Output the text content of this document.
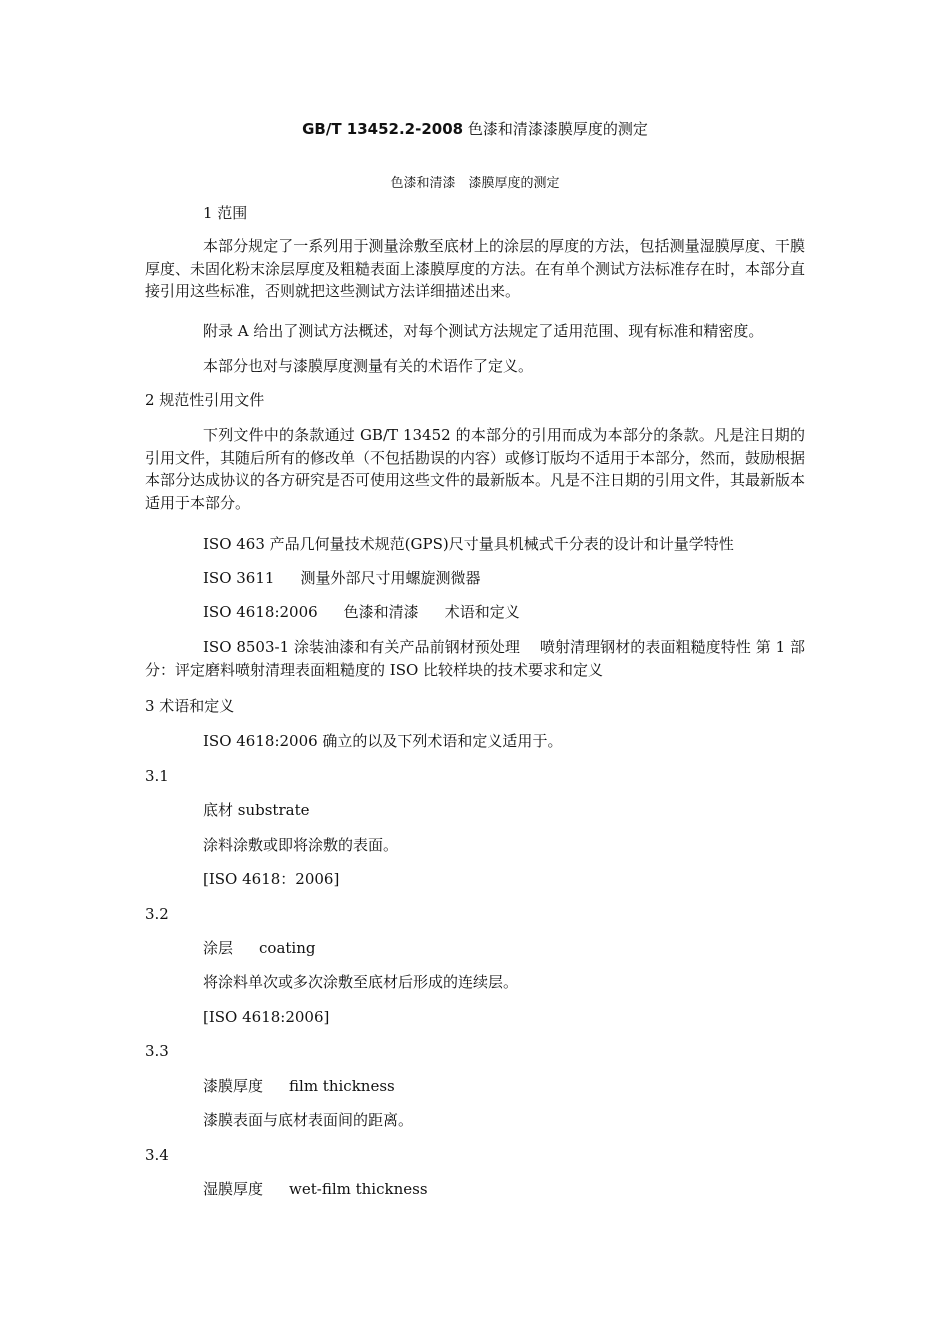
GB/T 13452.2-2008 色漆和清漆漆膜厚度的测定
色漆和清漆　漆膜厚度的测定
1 范围
本部分规定了一系列用于测量涂敷至底材上的涂层的厚度的方法，包括测量湿膜厚度、干膜厚度、未固化粉末涂层厚度及粗糙表面上漆膜厚度的方法。在有单个测试方法标准存在时，本部分直接引用这些标准，否则就把这些测试方法详细描述出来。
附录 A 给出了测试方法概述，对每个测试方法规定了适用范围、现有标准和精密度。
本部分也对与漆膜厚度测量有关的术语作了定义。
2 规范性引用文件
下列文件中的条款通过 GB/T 13452 的本部分的引用而成为本部分的条款。凡是注日期的引用文件，其随后所有的修改单（不包括勘误的内容）或修订版均不适用于本部分，然而，鼓励根据本部分达成协议的各方研究是否可使用这些文件的最新版本。凡是不注日期的引用文件，其最新版本适用于本部分。
ISO 463 产品几何量技术规范(GPS)尺寸量具机械式千分表的设计和计量学特性
ISO 3611 测量外部尺寸用螺旋测微器
ISO 4618:2006 色漆和清漆 术语和定义
ISO 8503-1 涂装油漆和有关产品前钢材预处理　 喷射清理钢材的表面粗糙度特性 第 1 部分：评定磨料喷射清理表面粗糙度的 ISO 比较样块的技术要求和定义
3 术语和定义
ISO 4618:2006 确立的以及下列术语和定义适用于。
3.1
底材 substrate
涂料涂敷或即将涂敷的表面。
[ISO 4618：2006]
3.2
涂层 coating
将涂料单次或多次涂敷至底材后形成的连续层。
[ISO 4618:2006]
3.3
漆膜厚度 film thickness
漆膜表面与底材表面间的距离。
3.4
湿膜厚度 wet-film thickness
